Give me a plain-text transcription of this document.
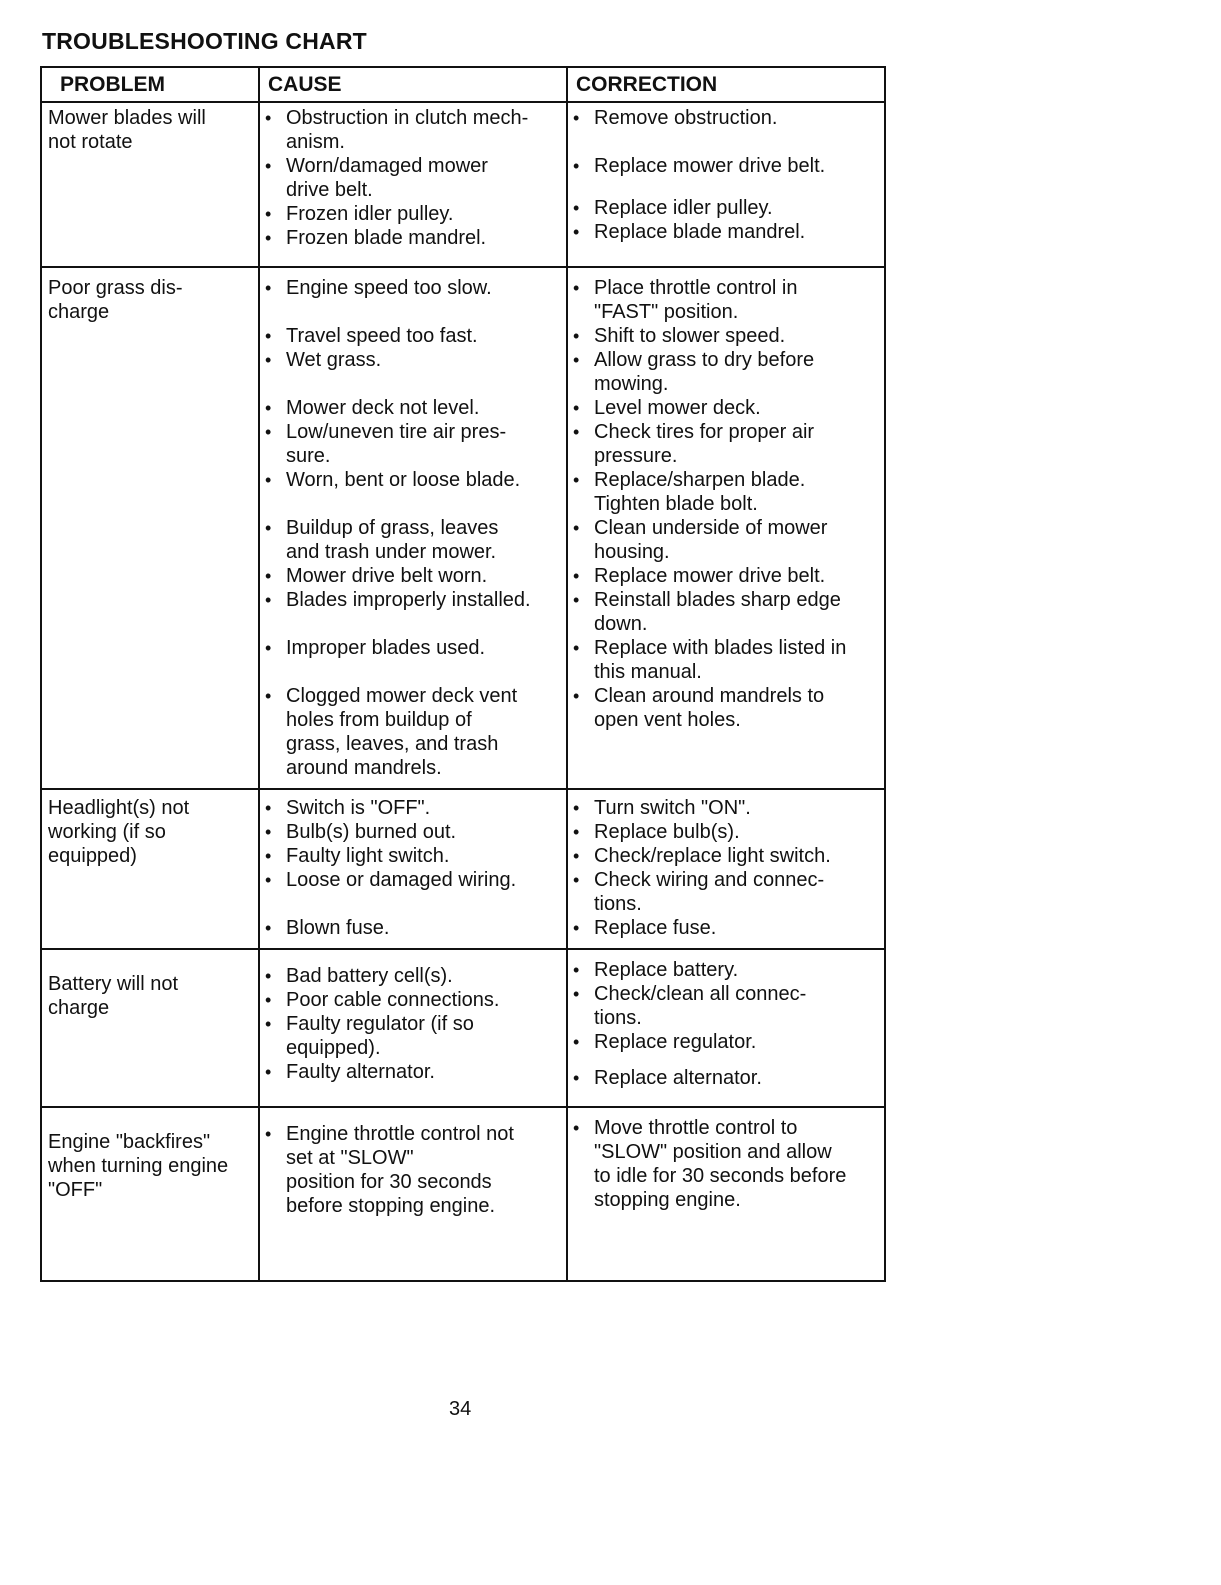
TROUBLESHOOTING CHART
PROBLEM	CAUSE	CORRECTION
Mower blades will
not rotate
• Obstruction in clutch mech-
anism.
• Worn/damaged mower
drive belt.
• Frozen idler pulley.
• Frozen blade mandrel.
• Remove obstruction.
• Replace mower drive belt.
• Replace idler pulley.
• Replace blade mandrel.
Poor grass dis-
charge
• Engine speed too slow.
• Travel speed too fast.
• Wet grass.
• Mower deck not level.
• Low/uneven tire air pres-
sure.
• Worn, bent or loose blade.
• Buildup of grass, leaves
and trash under mower.
• Mower drive belt worn.
• Blades improperly installed.
• Improper blades used.
• Clogged mower deck vent
holes from buildup of
grass, leaves, and trash
around mandrels.
• Place throttle control in
"FAST" position.
• Shift to slower speed.
• Allow grass to dry before
mowing.
• Level mower deck.
• Check tires for proper air
pressure.
• Replace/sharpen blade.
Tighten blade bolt.
• Clean underside of mower
housing.
• Replace mower drive belt.
• Reinstall blades sharp edge
down.
• Replace with blades listed in
this manual.
• Clean around mandrels to
open vent holes.
Headlight(s) not
working (if so
equipped)
• Switch is "OFF".
• Bulb(s) burned out.
• Faulty light switch.
• Loose or damaged wiring.
• Blown fuse.
• Turn switch "ON".
• Replace bulb(s).
• Check/replace light switch.
• Check wiring and connec-
tions.
• Replace fuse.
Battery will not
charge
• Bad battery cell(s).
• Poor cable connections.
• Faulty regulator (if so
equipped).
• Faulty alternator.
• Replace battery.
• Check/clean all connec-
tions.
• Replace regulator.
• Replace alternator.
Engine "backfires"
when turning engine
"OFF"
• Engine throttle control not
set at "SLOW"
position for 30 seconds
before stopping engine.
• Move throttle control to
"SLOW" position and allow
to idle for 30 seconds before
stopping engine.
34
